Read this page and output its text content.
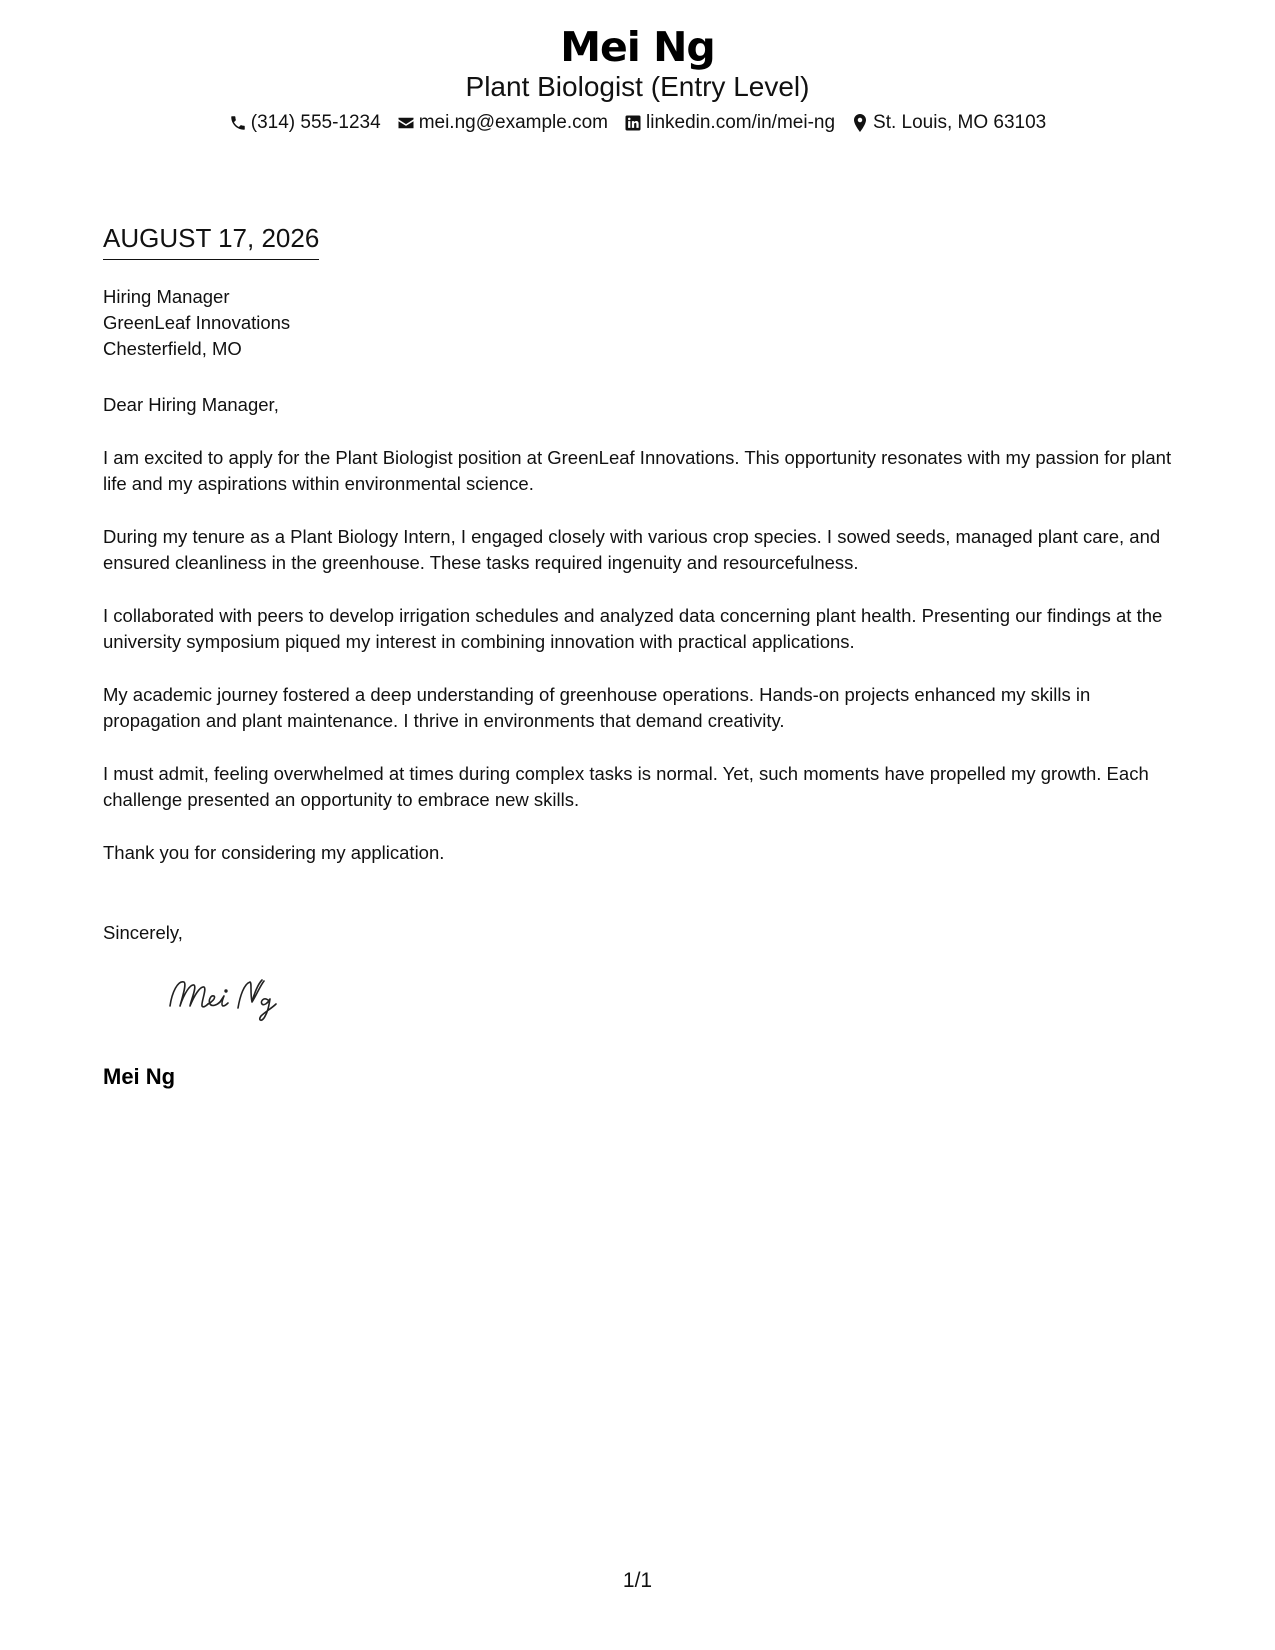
Mei Ng
Plant Biologist (Entry Level)
(314) 555-1234 mei.ng@example.com linkedin.com/in/mei-ng St. Louis, MO 63103
AUGUST 17, 2026
Hiring Manager
GreenLeaf Innovations
Chesterfield, MO

Dear Hiring Manager,

I am excited to apply for the Plant Biologist position at GreenLeaf Innovations. This opportunity resonates with my passion for plant life and my aspirations within environmental science.

During my tenure as a Plant Biology Intern, I engaged closely with various crop species. I sowed seeds, managed plant care, and ensured cleanliness in the greenhouse. These tasks required ingenuity and resourcefulness.

I collaborated with peers to develop irrigation schedules and analyzed data concerning plant health. Presenting our findings at the university symposium piqued my interest in combining innovation with practical applications.

My academic journey fostered a deep understanding of greenhouse operations. Hands-on projects enhanced my skills in propagation and plant maintenance. I thrive in environments that demand creativity.

I must admit, feeling overwhelmed at times during complex tasks is normal. Yet, such moments have propelled my growth. Each challenge presented an opportunity to embrace new skills.

Thank you for considering my application.

Sincerely,
Mei Ng
1/1
